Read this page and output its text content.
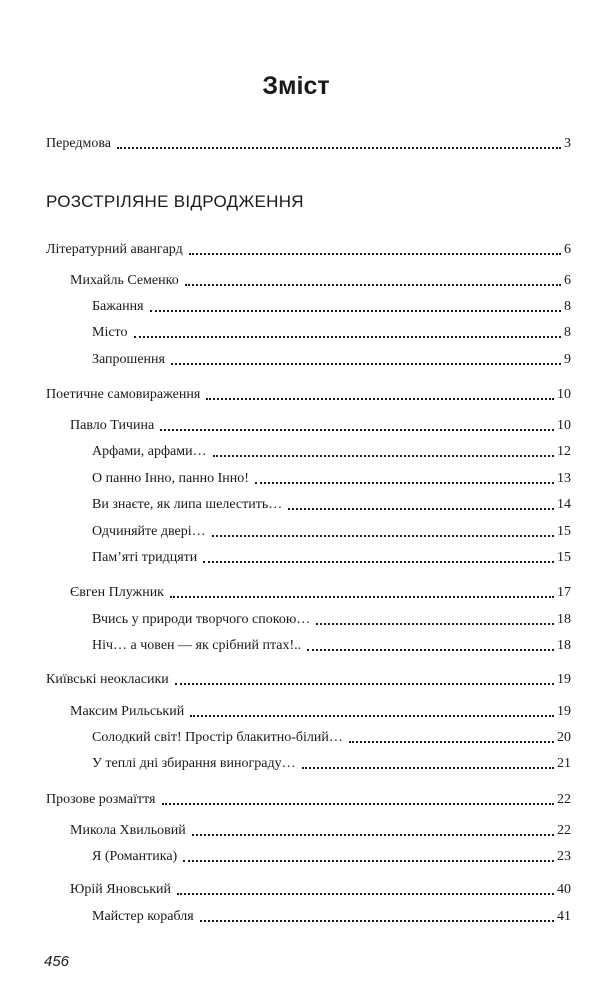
Зміст
Передмова	3
РОЗСТРІЛЯНЕ ВІДРОДЖЕННЯ
Літературний авангард	6
Михайль Семенко	6
Бажання	8
Місто	8
Запрошення	9
Поетичне самовираження	10
Павло Тичина	10
Арфами, арфами…	12
О панно Інно, панно Інно!	13
Ви знаєте, як липа шелестить…	14
Одчиняйте двері…	15
Пам’яті тридцяти	15
Євген Плужник	17
Вчись у природи творчого спокою…	18
Ніч… а човен — як срібний птах!..	18
Київські неокласики	19
Максим Рильський	19
Солодкий світ! Простір блакитно-білий…	20
У теплі дні збирання винограду…	21
Прозове розмаїття	22
Микола Хвильовий	22
Я (Романтика)	23
Юрій Яновський	40
Майстер корабля	41
456
